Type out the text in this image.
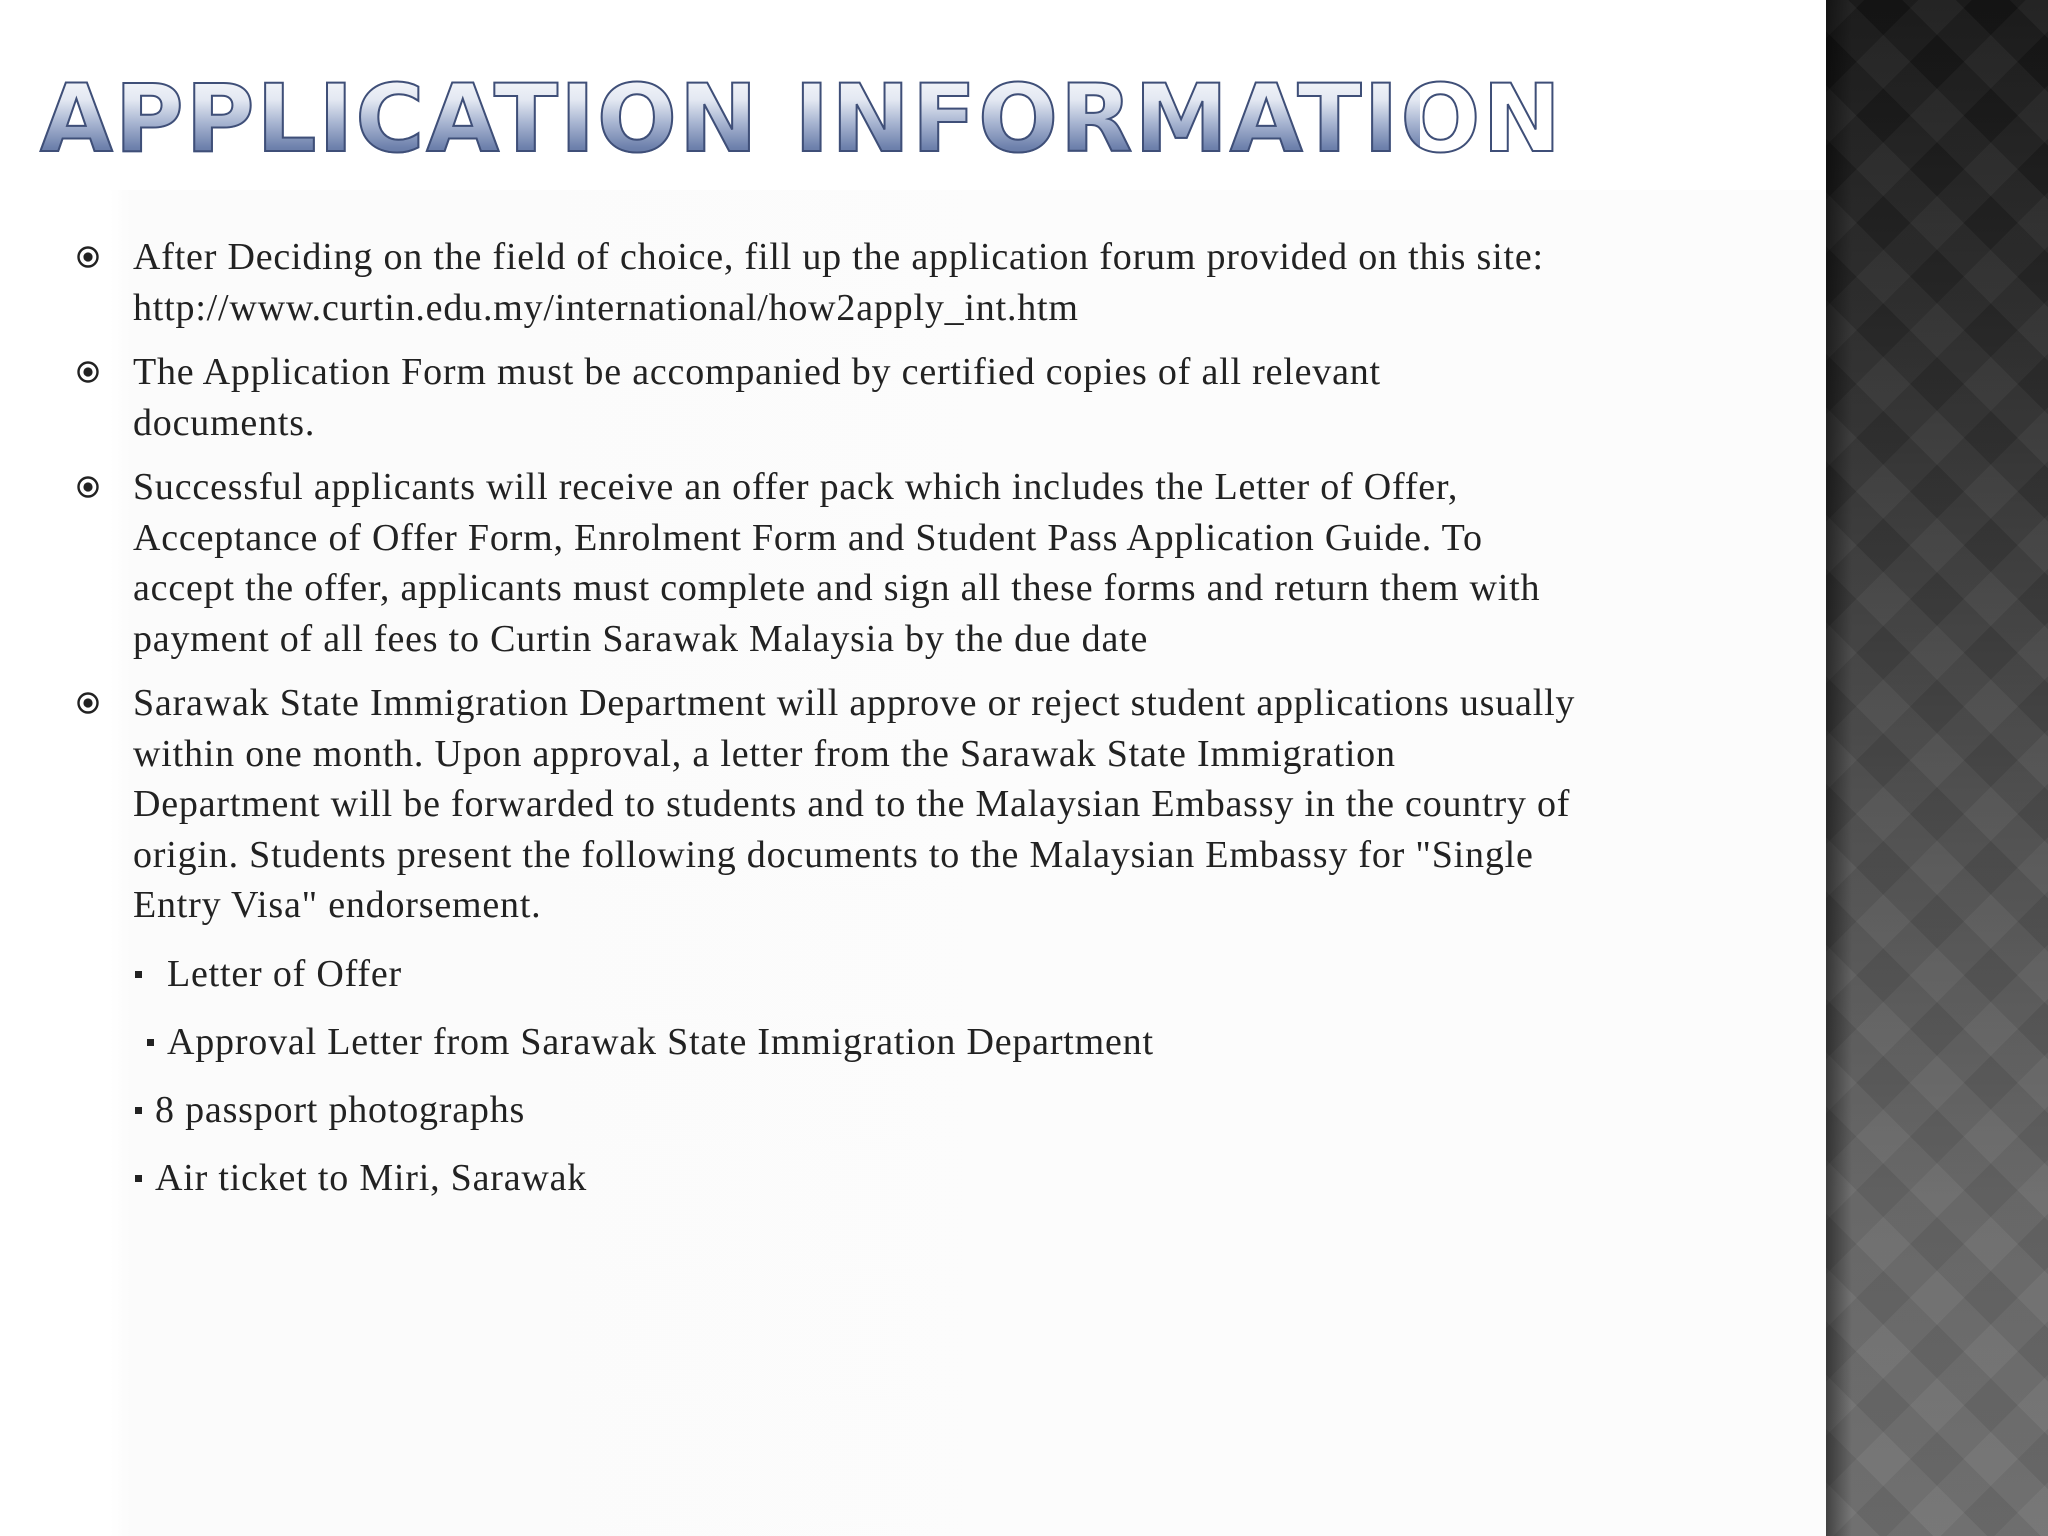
APPLICATION INFORMATION
After Deciding on the field of choice, fill up the application forum provided on this site:
http://www.curtin.edu.my/international/how2apply_int.htm
The Application Form must be accompanied by certified copies of all relevant
documents.
Successful applicants will receive an offer pack which includes the Letter of Offer,
Acceptance of Offer Form, Enrolment Form and Student Pass Application Guide. To
accept the offer, applicants must complete and sign all these forms and return them with
payment of all fees to Curtin Sarawak Malaysia by the due date
Sarawak State Immigration Department will approve or reject student applications usually
within one month. Upon approval, a letter from the Sarawak State Immigration
Department will be forwarded to students and to the Malaysian Embassy in the country of
origin. Students present the following documents to the Malaysian Embassy for "Single
Entry Visa" endorsement.
Letter of Offer
Approval Letter from Sarawak State Immigration Department
8 passport photographs
Air ticket to Miri, Sarawak
